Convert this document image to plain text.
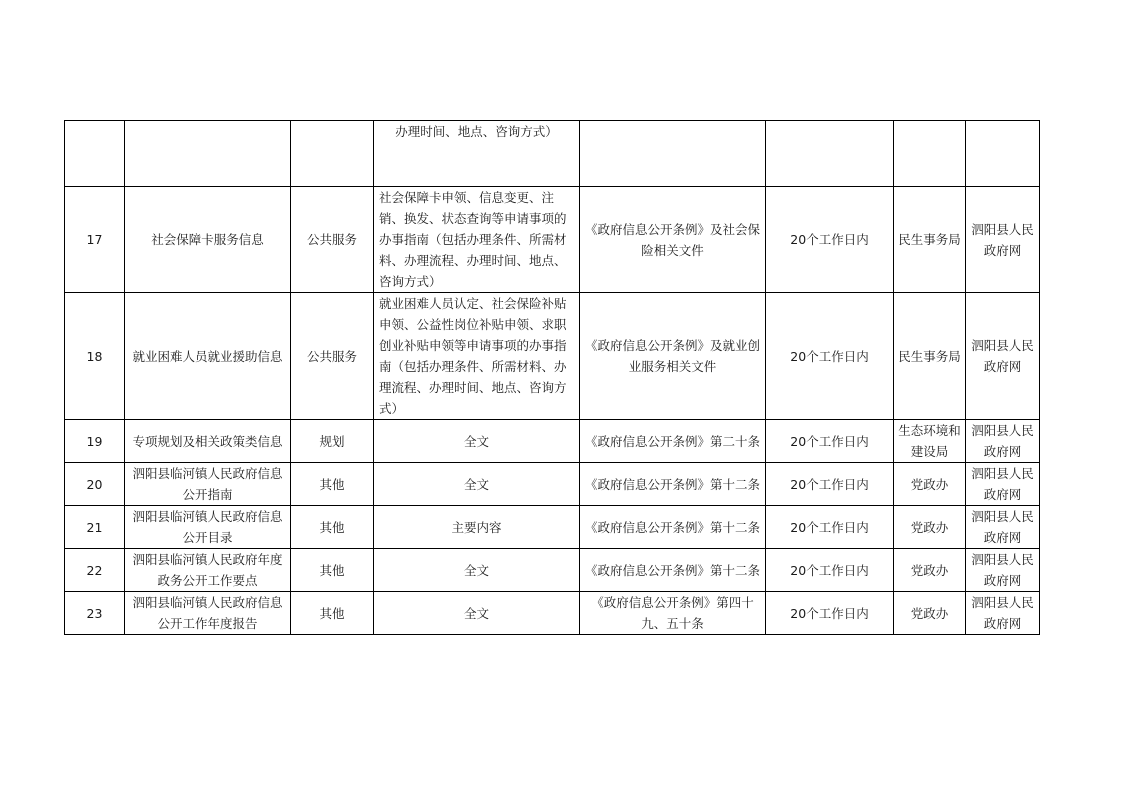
			办理时间、地点、咨询方式）				
17	社会保障卡服务信息	公共服务	社会保障卡申领、信息变更、注销、换发、状态查询等申请事项的办事指南（包括办理条件、所需材料、办理流程、办理时间、地点、咨询方式）	《政府信息公开条例》及社会保险相关文件	20个工作日内	民生事务局	泗阳县人民政府网
18	就业困难人员就业援助信息	公共服务	就业困难人员认定、社会保险补贴申领、公益性岗位补贴申领、求职创业补贴申领等申请事项的办事指南（包括办理条件、所需材料、办理流程、办理时间、地点、咨询方式）	《政府信息公开条例》及就业创业服务相关文件	20个工作日内	民生事务局	泗阳县人民政府网
19	专项规划及相关政策类信息	规划	全文	《政府信息公开条例》第二十条	20个工作日内	生态环境和建设局	泗阳县人民政府网
20	泗阳县临河镇人民政府信息公开指南	其他	全文	《政府信息公开条例》第十二条	20个工作日内	党政办	泗阳县人民政府网
21	泗阳县临河镇人民政府信息公开目录	其他	主要内容	《政府信息公开条例》第十二条	20个工作日内	党政办	泗阳县人民政府网
22	泗阳县临河镇人民政府年度政务公开工作要点	其他	全文	《政府信息公开条例》第十二条	20个工作日内	党政办	泗阳县人民政府网
23	泗阳县临河镇人民政府信息公开工作年度报告	其他	全文	《政府信息公开条例》第四十九、五十条	20个工作日内	党政办	泗阳县人民政府网
